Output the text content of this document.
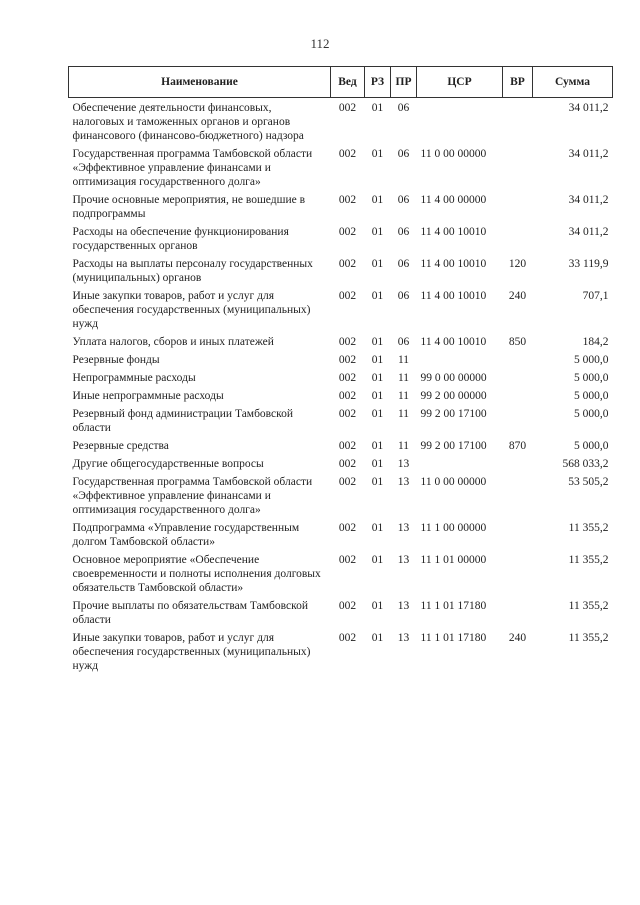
112
Наименование	Вед	РЗ	ПР	ЦСР	ВР	Сумма
Обеспечение деятельности финансовых, налоговых и таможенных органов и органов финансового (финансово-бюджетного) надзора	002	01	06			34 011,2
Государственная программа Тамбовской области «Эффективное управление финансами и оптимизация государственного долга»	002	01	06	11 0 00 00000		34 011,2
Прочие основные мероприятия, не вошедшие в подпрограммы	002	01	06	11 4 00 00000		34 011,2
Расходы на обеспечение функционирования государственных органов	002	01	06	11 4 00 10010		34 011,2
Расходы на выплаты персоналу государственных (муниципальных) органов	002	01	06	11 4 00 10010	120	33 119,9
Иные закупки товаров, работ и услуг для обеспечения государственных (муниципальных) нужд	002	01	06	11 4 00 10010	240	707,1
Уплата налогов, сборов и иных платежей	002	01	06	11 4 00 10010	850	184,2
Резервные фонды	002	01	11			5 000,0
Непрограммные расходы	002	01	11	99 0 00 00000		5 000,0
Иные непрограммные расходы	002	01	11	99 2 00 00000		5 000,0
Резервный фонд администрации Тамбовской области	002	01	11	99 2 00 17100		5 000,0
Резервные средства	002	01	11	99 2 00 17100	870	5 000,0
Другие общегосударственные вопросы	002	01	13			568 033,2
Государственная программа Тамбовской области «Эффективное управление финансами и оптимизация государственного долга»	002	01	13	11 0 00 00000		53 505,2
Подпрограмма «Управление государственным долгом Тамбовской области»	002	01	13	11 1 00 00000		11 355,2
Основное мероприятие «Обеспечение своевременности и полноты исполнения долговых обязательств Тамбовской области»	002	01	13	11 1 01 00000		11 355,2
Прочие выплаты по обязательствам Тамбовской области	002	01	13	11 1 01 17180		11 355,2
Иные закупки товаров, работ и услуг для обеспечения государственных (муниципальных) нужд	002	01	13	11 1 01 17180	240	11 355,2
